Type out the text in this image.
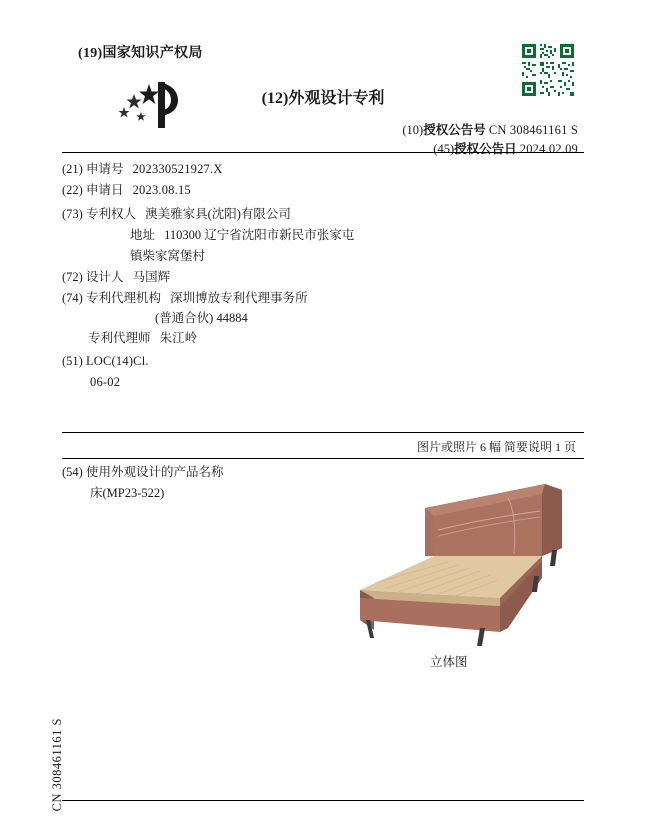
(19)国家知识产权局
(12)外观设计专利
(10)授权公告号 CN 308461161 S
(45)授权公告日 2024.02.09
(21) 申请号 202330521927.X
(22) 申请日 2023.08.15
(73) 专利权人 澳美雅家具(沈阳)有限公司
地址 110300 辽宁省沈阳市新民市张家屯
镇柴家窝堡村
(72) 设计人 马国辉
(74) 专利代理机构 深圳博放专利代理事务所
(普通合伙) 44884
专利代理师 朱江岭
(51) LOC(14)Cl.
06-02
图片或照片 6 幅 简要说明 1 页
(54) 使用外观设计的产品名称
床(MP23-522)
立体图
CN 308461161 S
